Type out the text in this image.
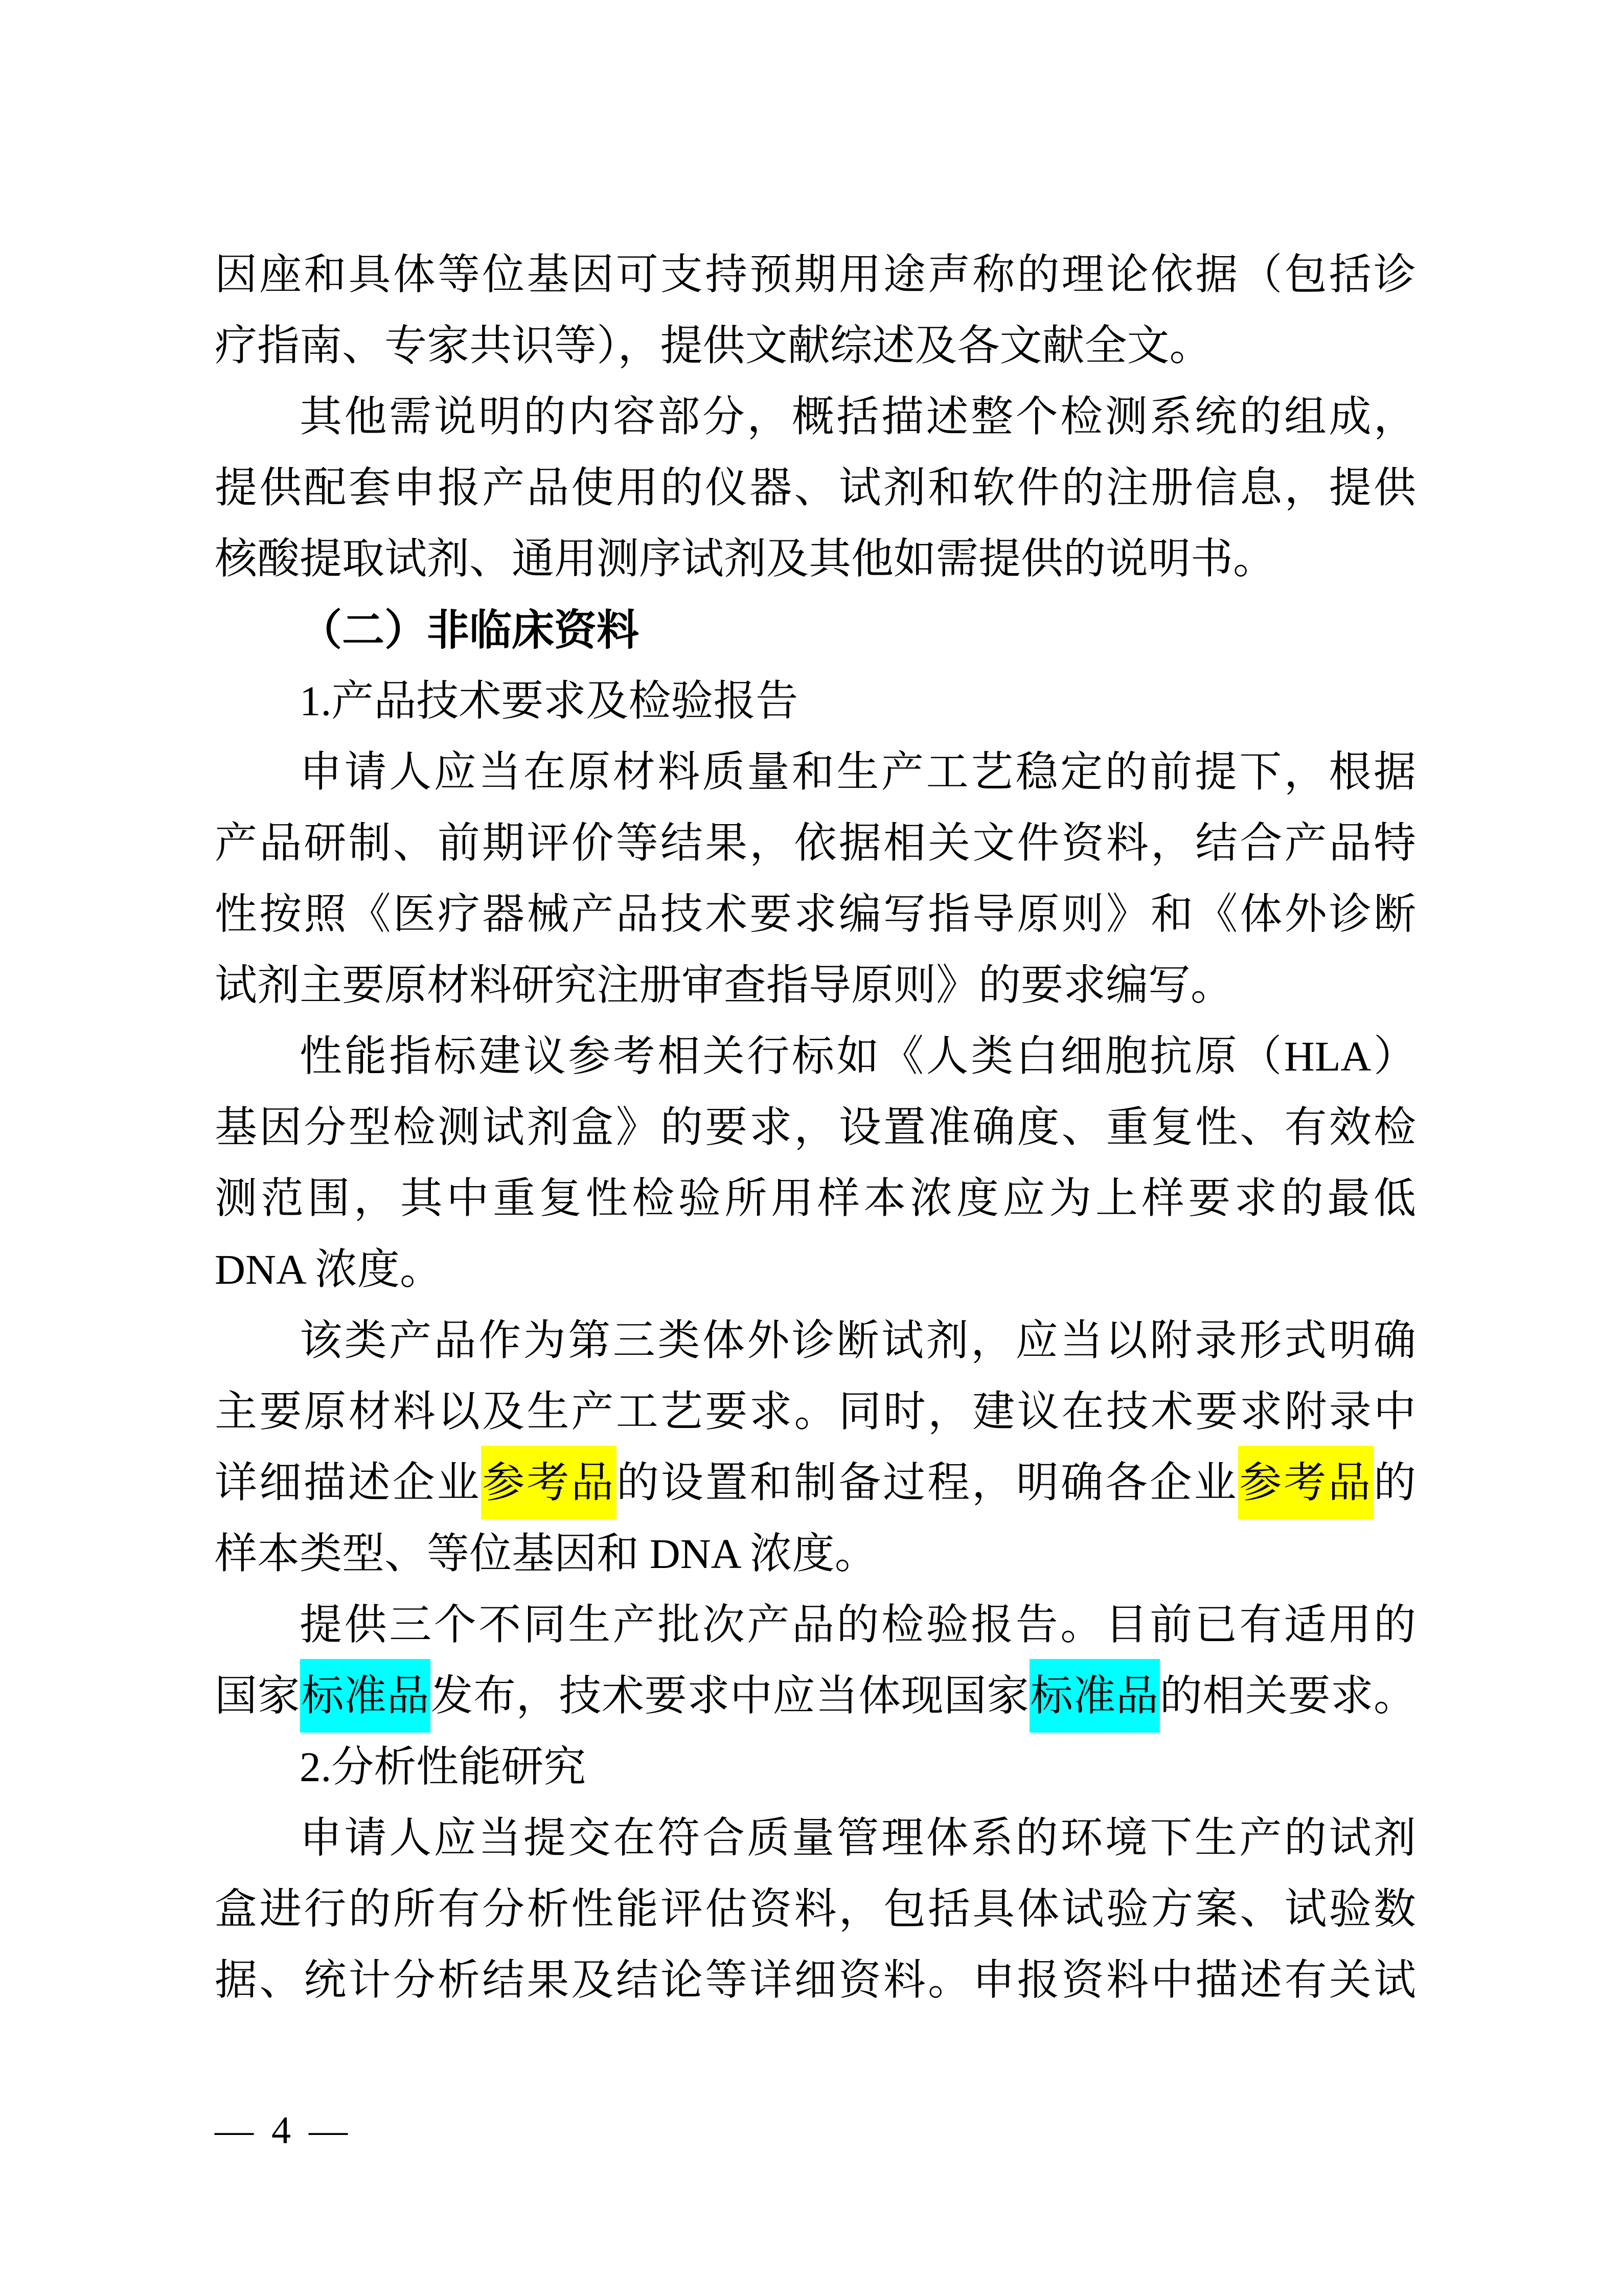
因座和具体等位基因可支持预期用途声称的理论依据（包括诊
疗指南、专家共识等），提供文献综述及各文献全文。
其他需说明的内容部分，概括描述整个检测系统的组成，
提供配套申报产品使用的仪器、试剂和软件的注册信息，提供
核酸提取试剂、通用测序试剂及其他如需提供的说明书。
（二）非临床资料
1.产品技术要求及检验报告
申请人应当在原材料质量和生产工艺稳定的前提下，根据
产品研制、前期评价等结果，依据相关文件资料，结合产品特
性按照《医疗器械产品技术要求编写指导原则》和《体外诊断
试剂主要原材料研究注册审查指导原则》的要求编写。
性能指标建议参考相关行标如《人类白细胞抗原（HLA）
基因分型检测试剂盒》的要求，设置准确度、重复性、有效检
测范围，其中重复性检验所用样本浓度应为上样要求的最低
DNA 浓度。
该类产品作为第三类体外诊断试剂，应当以附录形式明确
主要原材料以及生产工艺要求。同时，建议在技术要求附录中
详细描述企业参考品的设置和制备过程，明确各企业参考品的
样本类型、等位基因和 DNA 浓度。
提供三个不同生产批次产品的检验报告。目前已有适用的
国家标准品发布，技术要求中应当体现国家标准品的相关要求。
2.分析性能研究
申请人应当提交在符合质量管理体系的环境下生产的试剂
盒进行的所有分析性能评估资料，包括具体试验方案、试验数
据、统计分析结果及结论等详细资料。申报资料中描述有关试
— 4 —
